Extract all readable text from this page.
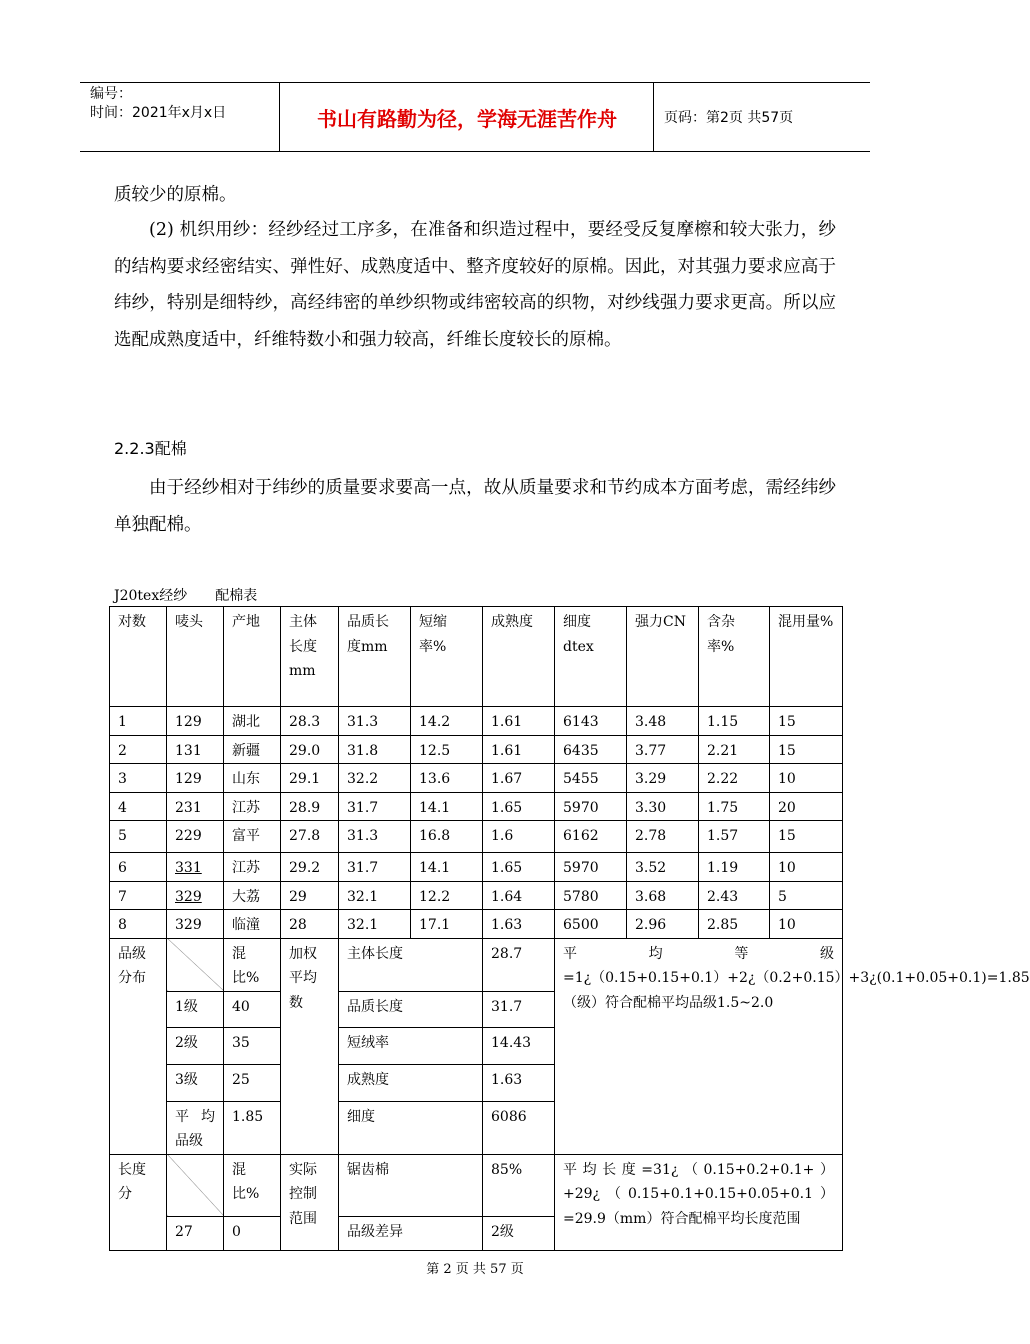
编号：
时间：2021年x月x日	书山有路勤为径，学海无涯苦作舟	页码：第2页 共57页
质较少的原棉。
(2) 机织用纱：经纱经过工序多，在准备和织造过程中，要经受反复摩檫和较大张力，纱的结构要求经密结实、弹性好、成熟度适中、整齐度较好的原棉。因此，对其强力要求应高于纬纱，特别是细特纱，高经纬密的单纱织物或纬密较高的织物，对纱线强力要求更高。所以应选配成熟度适中，纤维特数小和强力较高，纤维长度较长的原棉。
2.2.3配棉
由于经纱相对于纬纱的质量要求要高一点，故从质量要求和节约成本方面考虑，需经纬纱单独配棉。
J20tex经纱　　配棉表
对数	唛头	产地	主体长度mm	品质长度mm	短缩率%	成熟度	细度dtex	强力CN	含杂率%	混用量%
1	129	湖北	28.3	31.3	14.2	1.61	6143	3.48	1.15	15
2	131	新疆	29.0	31.8	12.5	1.61	6435	3.77	2.21	15
3	129	山东	29.1	32.2	13.6	1.67	5455	3.29	2.22	10
4	231	江苏	28.9	31.7	14.1	1.65	5970	3.30	1.75	20
5	229	富平	27.8	31.3	16.8	1.6	6162	2.78	1.57	15
6	331	江苏	29.2	31.7	14.1	1.65	5970	3.52	1.19	10
7	329	大荔	29	32.1	12.2	1.64	5780	3.68	2.43	5
8	329	临潼	28	32.1	17.1	1.63	6500	2.96	2.85	10
品级分布		混比%	加权平均数	主体长度		28.7	平均等级=1¿（0.15+0.15+0.1）+2¿（0.2+0.15）+3¿(0.1+0.05+0.1)=1.85（级）符合配棉平均品级1.5~2.0			
	1级	40		品质长度		31.7				
	2级	35		短绒率		14.43				
	3级	25		成熟度		1.63				
	平均品级	1.85		细度		6086				
长度分		混比%	实际控制范围	锯齿棉		85%	平均长度=31¿（0.15+0.2+0.1+）+29¿（0.15+0.1+0.15+0.05+0.1）=29.9（mm）符合配棉平均长度范围			
	27	0		品级差异		2级				
第 2 页 共 57 页
